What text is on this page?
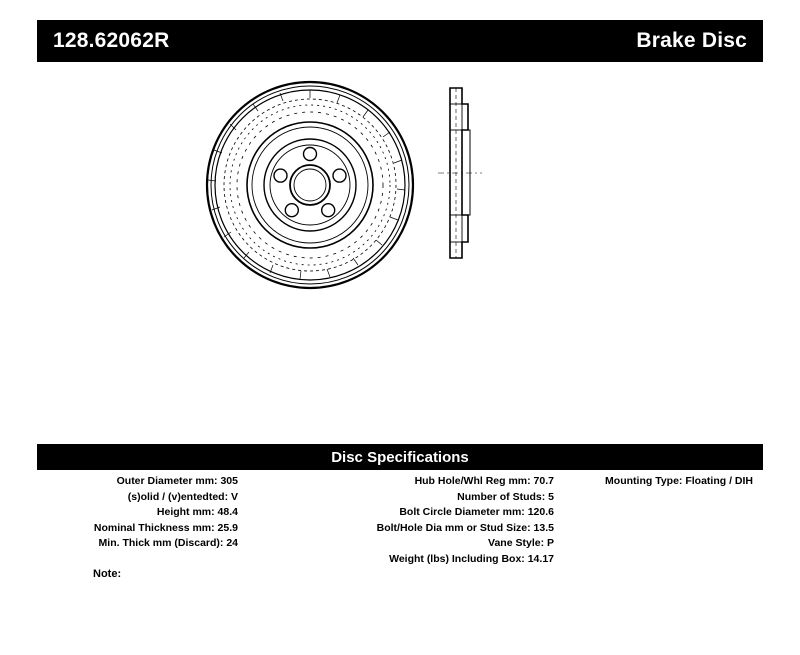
128.62062R	Brake Disc
Disc Specifications
Outer Diameter mm: 305
(s)olid / (v)entedted: V
Height mm: 48.4
Nominal Thickness mm: 25.9
Min. Thick mm (Discard): 24
Hub Hole/Whl Reg mm: 70.7
Number of Studs: 5
Bolt Circle Diameter mm: 120.6
Bolt/Hole Dia mm or Stud Size: 13.5
Vane Style: P
Weight (lbs) Including Box: 14.17
Mounting Type: Floating / DIH
Note:
